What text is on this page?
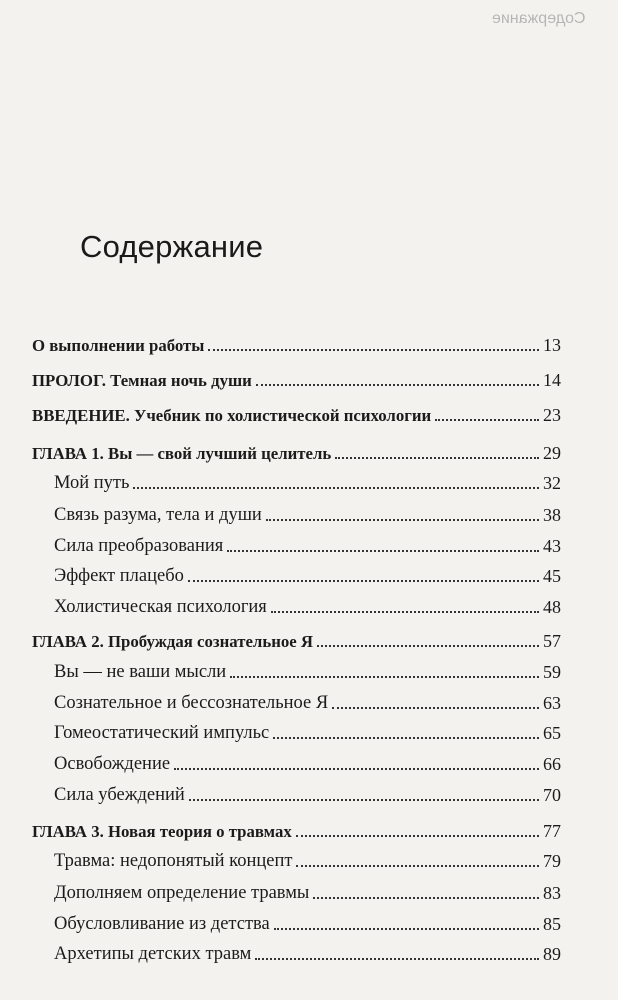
Содержание
Содержание
О выполнении работы	13
ПРОЛОГ. Темная ночь души	14
ВВЕДЕНИЕ. Учебник по холистической психологии	23
ГЛАВА 1. Вы — свой лучший целитель	29
Мой путь	32
Связь разума, тела и души	38
Сила преобразования	43
Эффект плацебо	45
Холистическая психология	48
ГЛАВА 2. Пробуждая сознательное Я	57
Вы — не ваши мысли	59
Сознательное и бессознательное Я	63
Гомеостатический импульс	65
Освобождение	66
Сила убеждений	70
ГЛАВА 3. Новая теория о травмах	77
Травма: недопонятый концепт	79
Дополняем определение травмы	83
Обусловливание из детства	85
Архетипы детских травм	89
